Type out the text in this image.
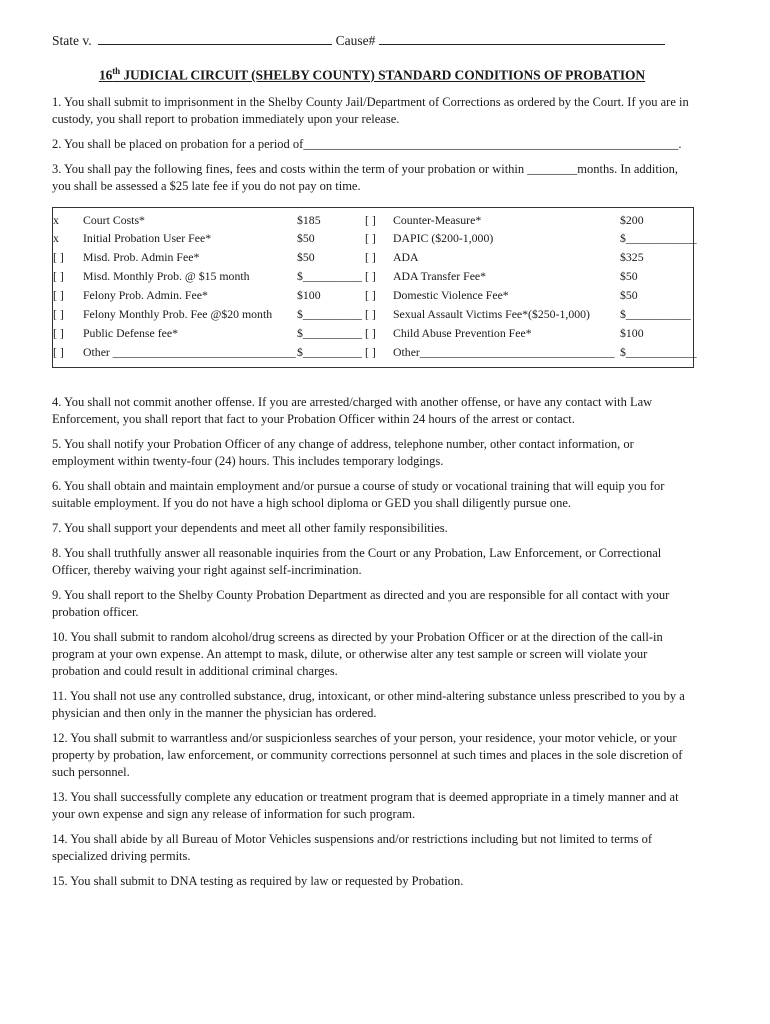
State v.	Cause#
16th JUDICIAL CIRCUIT (SHELBY COUNTY) STANDARD CONDITIONS OF PROBATION

1. You shall submit to imprisonment in the Shelby County Jail/Department of Corrections as ordered by the Court. If you are in custody, you shall report to probation immediately upon your release.

2. You shall be placed on probation for a period of____________________________________________________________.

3. You shall pay the following fines, fees and costs within the term of your probation or within ________months. In addition, you shall be assessed a $25 late fee if you do not pay on time.

x	Court Costs*	$185	[ ]	Counter-Measure*	$200
x	Initial Probation User Fee*	$50	[ ]	DAPIC ($200-1,000)	$____________
[ ]	Misd. Prob. Admin Fee*	$50	[ ]	ADA	$325
[ ]	Misd. Monthly Prob. @ $15 month	$__________ [ ]	ADA Transfer Fee*	$50
[ ]	Felony Prob. Admin. Fee*	$100	[ ]	Domestic Violence Fee*	$50
[ ]	Felony Monthly Prob. Fee @$20 month	$__________ [ ]	Sexual Assault Victims Fee*($250-1,000)	$___________
[ ]	Public Defense fee*	$__________ [ ]	Child Abuse Prevention Fee*	$100
[ ]	Other _______________________________ $__________ [ ]	Other_________________________________ $____________

4. You shall not commit another offense. If you are arrested/charged with another offense, or have any contact with Law Enforcement, you shall report that fact to your Probation Officer within 24 hours of the arrest or contact.

5. You shall notify your Probation Officer of any change of address, telephone number, other contact information, or employment within twenty-four (24) hours. This includes temporary lodgings.

6. You shall obtain and maintain employment and/or pursue a course of study or vocational training that will equip you for suitable employment. If you do not have a high school diploma or GED you shall diligently pursue one.

7. You shall support your dependents and meet all other family responsibilities.

8. You shall truthfully answer all reasonable inquiries from the Court or any Probation, Law Enforcement, or Correctional Officer, thereby waiving your right against self-incrimination.

9. You shall report to the Shelby County Probation Department as directed and you are responsible for all contact with your probation officer.

10. You shall submit to random alcohol/drug screens as directed by your Probation Officer or at the direction of the call-in program at your own expense. An attempt to mask, dilute, or otherwise alter any test sample or screen will violate your probation and could result in additional criminal charges.

11. You shall not use any controlled substance, drug, intoxicant, or other mind-altering substance unless prescribed to you by a physician and then only in the manner the physician has ordered.

12. You shall submit to warrantless and/or suspicionless searches of your person, your residence, your motor vehicle, or your property by probation, law enforcement, or community corrections personnel at such times and places in the sole discretion of such personnel.

13. You shall successfully complete any education or treatment program that is deemed appropriate in a timely manner and at your own expense and sign any release of information for such program.

14. You shall abide by all Bureau of Motor Vehicles suspensions and/or restrictions including but not limited to terms of specialized driving permits.

15. You shall submit to DNA testing as required by law or requested by Probation.
